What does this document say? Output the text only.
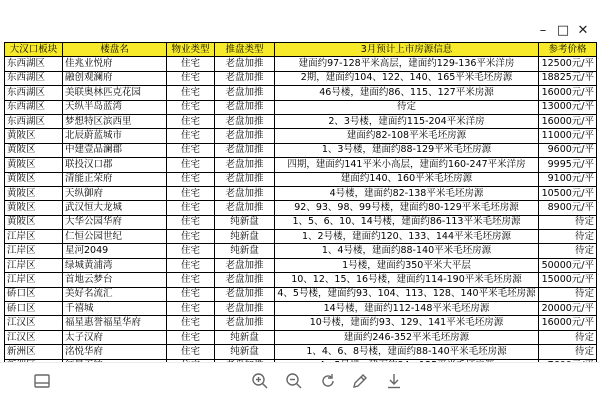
– □ ✕
大汉口板块	楼盘名	物业类型	推盘类型	3月预计上市房源信息	参考价格
东西湖区	佳兆业悦府	住宅	老盘加推	建面约97-128平米高层，建面约129-136平米洋房	12500元/平
东西湖区	融创观澜府	住宅	老盘加推	2期，建面约104、122、140、165平米毛坯房源	18825元/平
东西湖区	美联奥林匹克花园	住宅	老盘加推	46号楼，建面约86、115、127平米房源	16000元/平
东西湖区	天纵半岛蓝湾	住宅	老盘加推	待定	13000元/平
东西湖区	梦想特区滨西里	住宅	老盘加推	2、3号楼，建面约115-204平米洋房	16000元/平
黄陂区	北辰蔚蓝城市	住宅	老盘加推	建面约82-108平米毛坯房源	11000元/平
黄陂区	中建壹品澜郡	住宅	老盘加推	1、3号楼，建面约88-129平米毛坯房源	9600元/平
黄陂区	联投汉口郡	住宅	老盘加推	四期，建面约141平米小高层，建面约160-247平米洋房	9995元/平
黄陂区	清能正荣府	住宅	老盘加推	建面约140、160平米毛坯房源	9100元/平
黄陂区	天纵御府	住宅	老盘加推	4号楼，建面约82-138平米毛坯房源	10500元/平
黄陂区	武汉恒大龙城	住宅	老盘加推	92、93、98、99号楼，建面约80-129平米毛坯房源	8900元/平
黄陂区	大华公园华府	住宅	纯新盘	1、5、6、10、14号楼，建面约86-113平米毛坯房源	待定
江岸区	仁恒公园世纪	住宅	纯新盘	1、2号楼，建面约120、133、144平米毛坯房源	待定
江岸区	星河2049	住宅	纯新盘	1、4号楼，建面约88-140平米毛坯房源	待定
江岸区	绿城黄浦湾	住宅	老盘加推	1号楼，建面约350平米大平层	50000元/平
江岸区	首地云梦台	住宅	老盘加推	10、12、15、16号楼，建面约114-190平米毛坯房源	15000元/平
硚口区	美好名流汇	住宅	老盘加推	4、5号楼，建面约93、104、113、128、140平米毛坯房源	待定
硚口区	千禧城	住宅	老盘加推	14号楼，建面约112-148平米毛坯房源	20000元/平
江汉区	福星惠誉福星华府	住宅	老盘加推	10号楼，建面约93、129、141平米毛坯房源	16000元/平
江汉区	太子汉府	住宅	纯新盘	建面约246-352平米毛坯房源	待定
新洲区	洺悦华府	住宅	纯新盘	1、4、6、8号楼，建面约88-140平米毛坯房源	待定
